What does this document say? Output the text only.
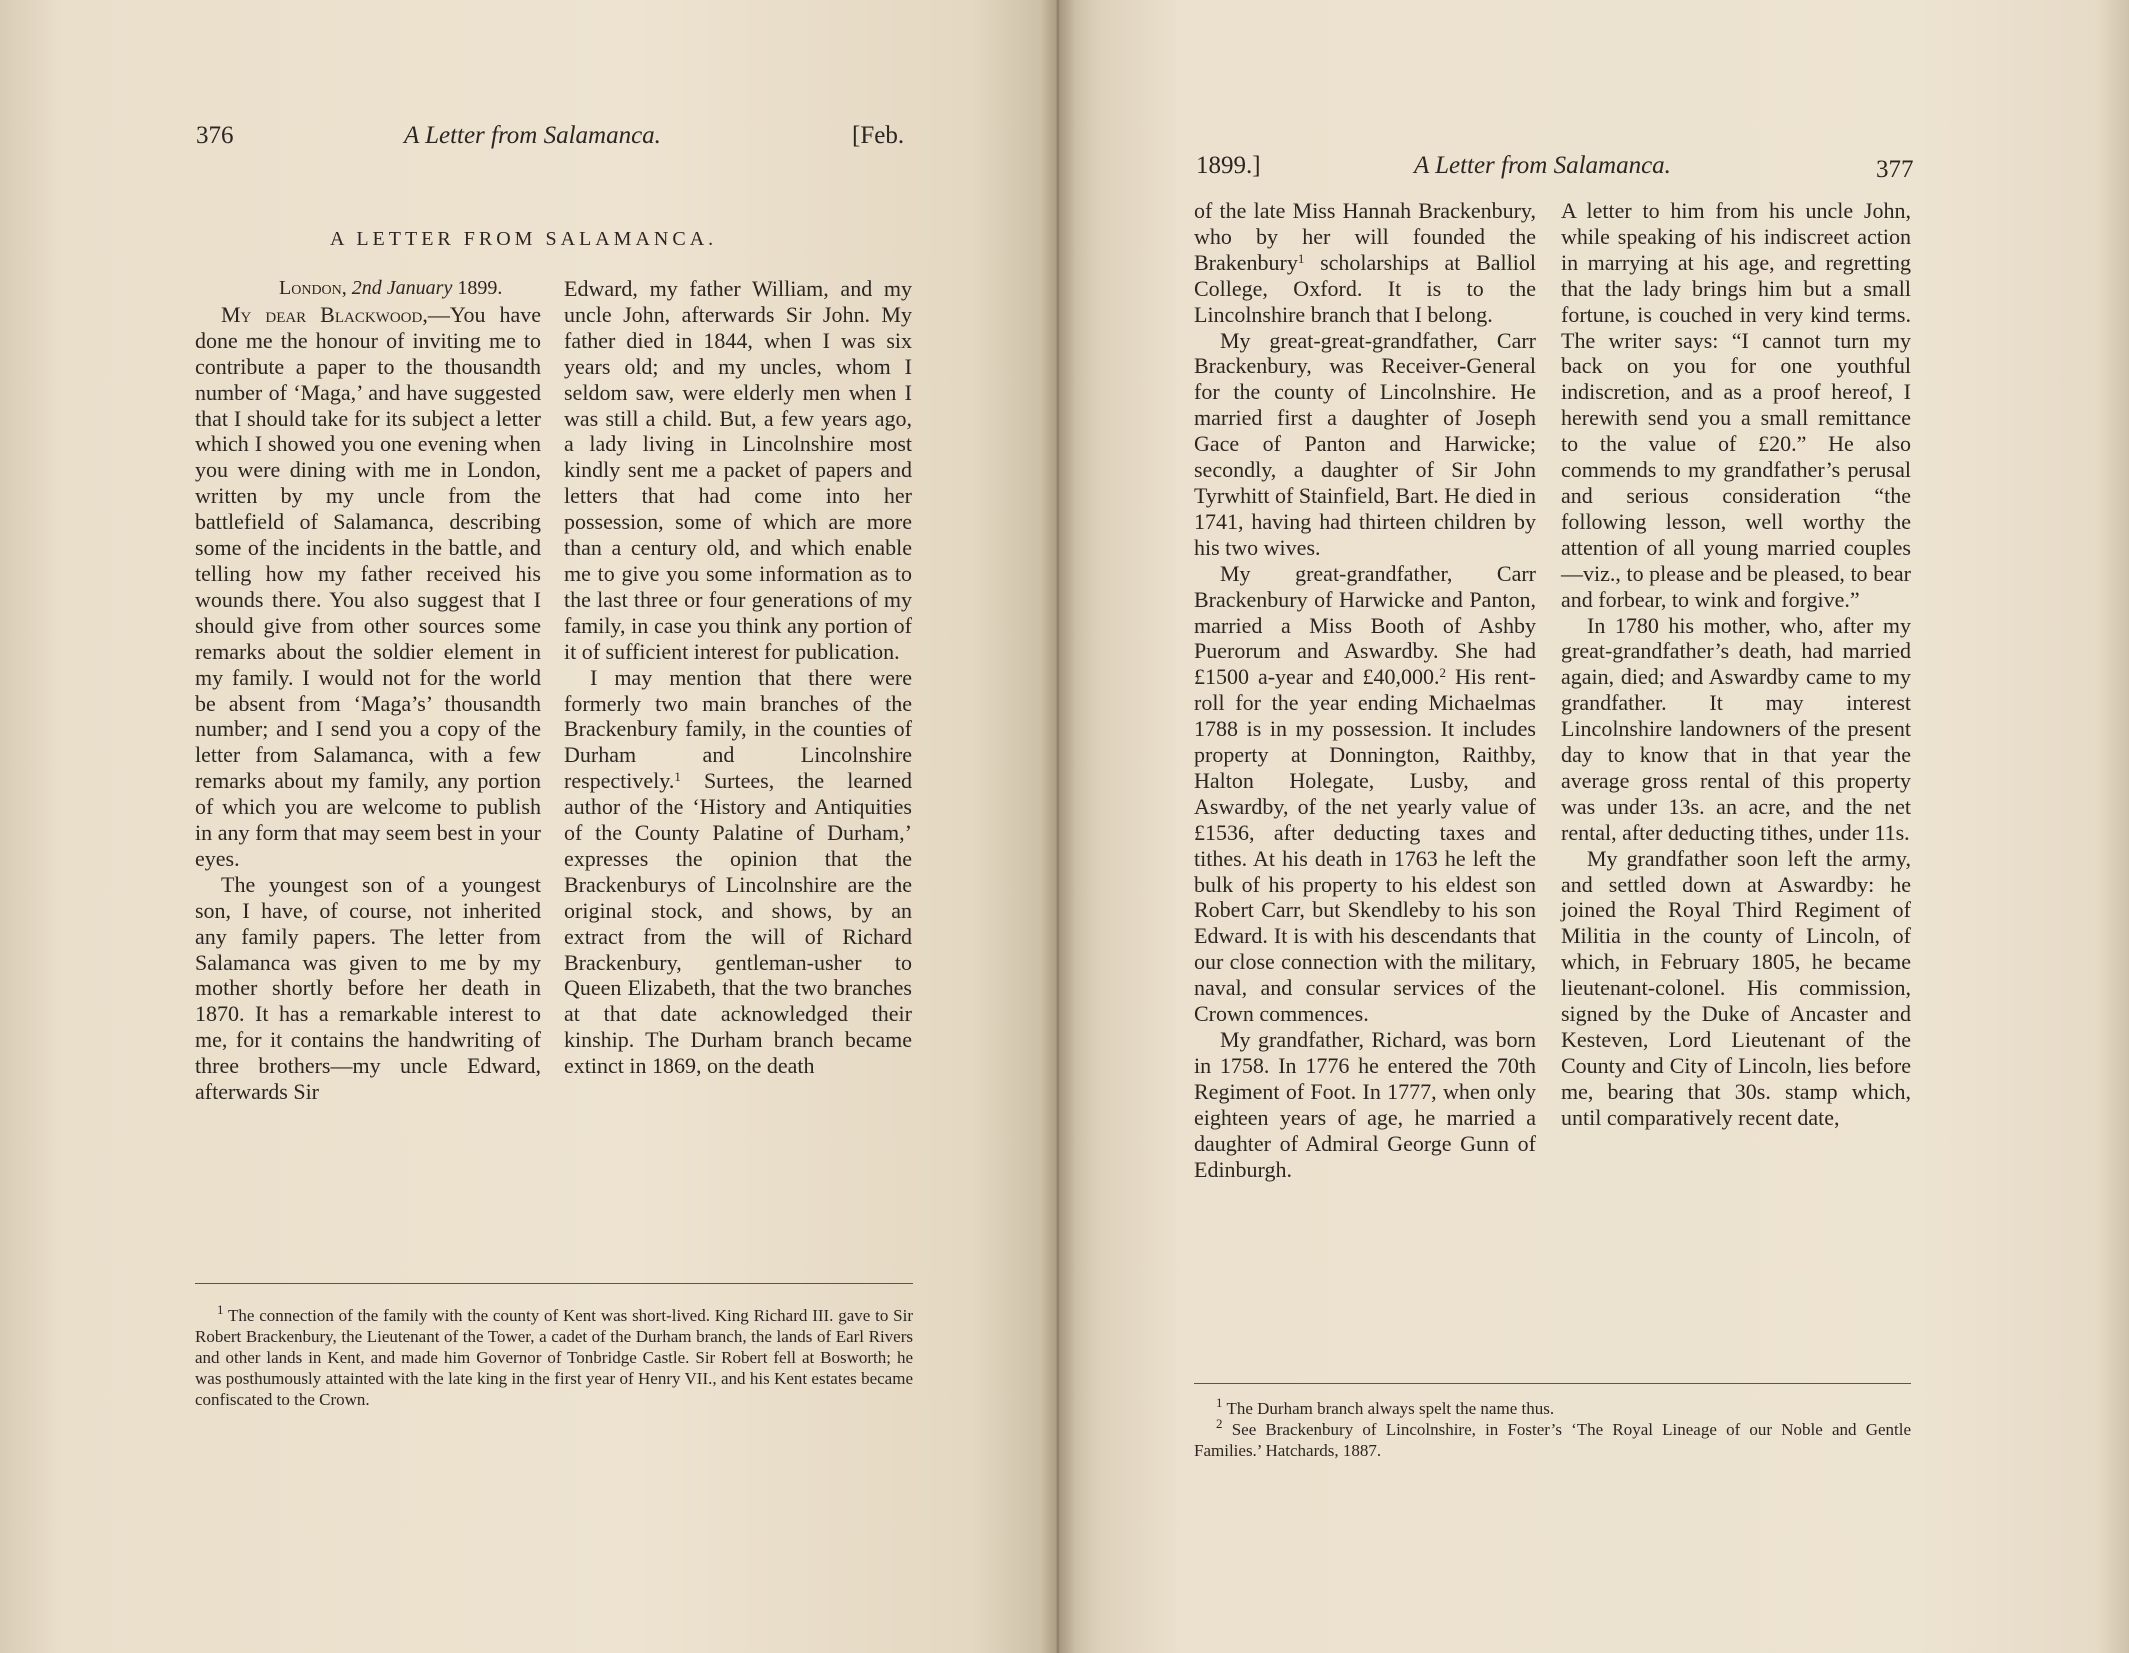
376	A Letter from Salamanca.	[Feb.
A LETTER FROM SALAMANCA.

London, 2nd January 1899.

My dear Blackwood,—You have done me the honour of inviting me to contribute a paper to the thousandth number of ‘Maga,’ and have suggested that I should take for its subject a letter which I showed you one evening when you were dining with me in London, written by my uncle from the battlefield of Salamanca, describing some of the incidents in the battle, and telling how my father received his wounds there. You also suggest that I should give from other sources some remarks about the soldier element in my family. I would not for the world be absent from ‘Maga’s’ thousandth number; and I send you a copy of the letter from Salamanca, with a few remarks about my family, any portion of which you are welcome to publish in any form that may seem best in your eyes.

The youngest son of a youngest son, I have, of course, not inherited any family papers. The letter from Salamanca was given to me by my mother shortly before her death in 1870. It has a remarkable interest to me, for it contains the handwriting of three brothers—my uncle Edward, afterwards Sir

Edward, my father William, and my uncle John, afterwards Sir John. My father died in 1844, when I was six years old; and my uncles, whom I seldom saw, were elderly men when I was still a child. But, a few years ago, a lady living in Lincolnshire most kindly sent me a packet of papers and letters that had come into her possession, some of which are more than a century old, and which enable me to give you some information as to the last three or four generations of my family, in case you think any portion of it of sufficient interest for publication.

I may mention that there were formerly two main branches of the Brackenbury family, in the counties of Durham and Lincolnshire respectively.$^1$ Surtees, the learned author of the ‘History and Antiquities of the County Palatine of Durham,’ expresses the opinion that the Brackenburys of Lincolnshire are the original stock, and shows, by an extract from the will of Richard Brackenbury, gentleman-usher to Queen Elizabeth, that the two branches at that date acknowledged their kinship. The Durham branch became extinct in 1869, on the death

$^1$ The connection of the family with the county of Kent was short-lived. King Richard III. gave to Sir Robert Brackenbury, the Lieutenant of the Tower, a cadet of the Durham branch, the lands of Earl Rivers and other lands in Kent, and made him Governor of Tonbridge Castle. Sir Robert fell at Bosworth; he was posthumously attainted with the late king in the first year of Henry VII., and his Kent estates became confiscated to the Crown.

1899.]	A Letter from Salamanca.	377

of the late Miss Hannah Brackenbury, who by her will founded the Brakenbury$^1$ scholarships at Balliol College, Oxford. It is to the Lincolnshire branch that I belong.

My great-great-grandfather, Carr Brackenbury, was Receiver-General for the county of Lincolnshire. He married first a daughter of Joseph Gace of Panton and Harwicke; secondly, a daughter of Sir John Tyrwhitt of Stainfield, Bart. He died in 1741, having had thirteen children by his two wives.

My great-grandfather, Carr Brackenbury of Harwicke and Panton, married a Miss Booth of Ashby Puerorum and Aswardby. She had £1500 a-year and £40,000.$^2$ His rent-roll for the year ending Michaelmas 1788 is in my possession. It includes property at Donnington, Raithby, Halton Holegate, Lusby, and Aswardby, of the net yearly value of £1536, after deducting taxes and tithes. At his death in 1763 he left the bulk of his property to his eldest son Robert Carr, but Skendleby to his son Edward. It is with his descendants that our close connection with the military, naval, and consular services of the Crown commences.

My grandfather, Richard, was born in 1758. In 1776 he entered the 70th Regiment of Foot. In 1777, when only eighteen years of age, he married a daughter of Admiral George Gunn of Edinburgh.

A letter to him from his uncle John, while speaking of his indiscreet action in marrying at his age, and regretting that the lady brings him but a small fortune, is couched in very kind terms. The writer says: “I cannot turn my back on you for one youthful indiscretion, and as a proof hereof, I herewith send you a small remittance to the value of £20.” He also commends to my grandfather’s perusal and serious consideration “the following lesson, well worthy the attention of all young married couples—viz., to please and be pleased, to bear and forbear, to wink and forgive.”

In 1780 his mother, who, after my great-grandfather’s death, had married again, died; and Aswardby came to my grandfather. It may interest Lincolnshire landowners of the present day to know that in that year the average gross rental of this property was under 13s. an acre, and the net rental, after deducting tithes, under 11s.

My grandfather soon left the army, and settled down at Aswardby: he joined the Royal Third Regiment of Militia in the county of Lincoln, of which, in February 1805, he became lieutenant-colonel. His commission, signed by the Duke of Ancaster and Kesteven, Lord Lieutenant of the County and City of Lincoln, lies before me, bearing that 30s. stamp which, until comparatively recent date,

$^1$ The Durham branch always spelt the name thus.

$^2$ See Brackenbury of Lincolnshire, in Foster’s ‘The Royal Lineage of our Noble and Gentle Families.’ Hatchards, 1887.
